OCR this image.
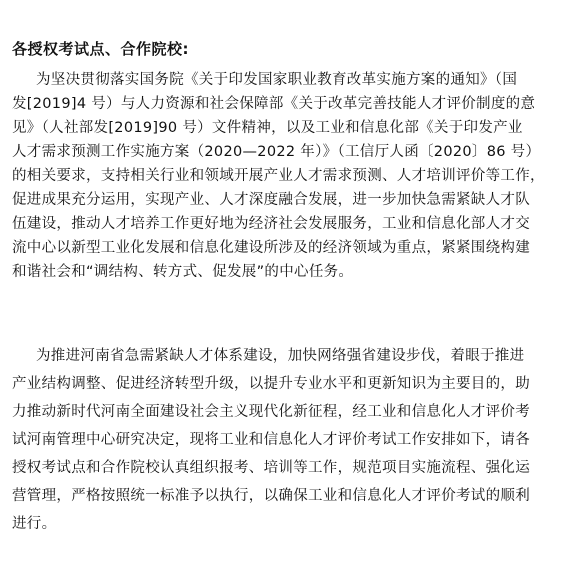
各授权考试点、合作院校:
为坚决贯彻落实国务院《关于印发国家职业教育改革实施方案的通知》（国
发[2019]4 号）与人力资源和社会保障部《关于改革完善技能人才评价制度的意
见》（人社部发[2019]90 号）文件精神，以及工业和信息化部《关于印发产业
人才需求预测工作实施方案（2020—2022 年）》（工信厅人函〔2020〕86 号）
的相关要求，支持相关行业和领域开展产业人才需求预测、人才培训评价等工作，
促进成果充分运用，实现产业、人才深度融合发展，进一步加快急需紧缺人才队
伍建设，推动人才培养工作更好地为经济社会发展服务，工业和信息化部人才交
流中心以新型工业化发展和信息化建设所涉及的经济领域为重点，紧紧围绕构建
和谐社会和“调结构、转方式、促发展”的中心任务。
为推进河南省急需紧缺人才体系建设，加快网络强省建设步伐，着眼于推进
产业结构调整、促进经济转型升级，以提升专业水平和更新知识为主要目的，助
力推动新时代河南全面建设社会主义现代化新征程，经工业和信息化人才评价考
试河南管理中心研究决定，现将工业和信息化人才评价考试工作安排如下，请各
授权考试点和合作院校认真组织报考、培训等工作，规范项目实施流程、强化运
营管理，严格按照统一标准予以执行，以确保工业和信息化人才评价考试的顺利
进行。
